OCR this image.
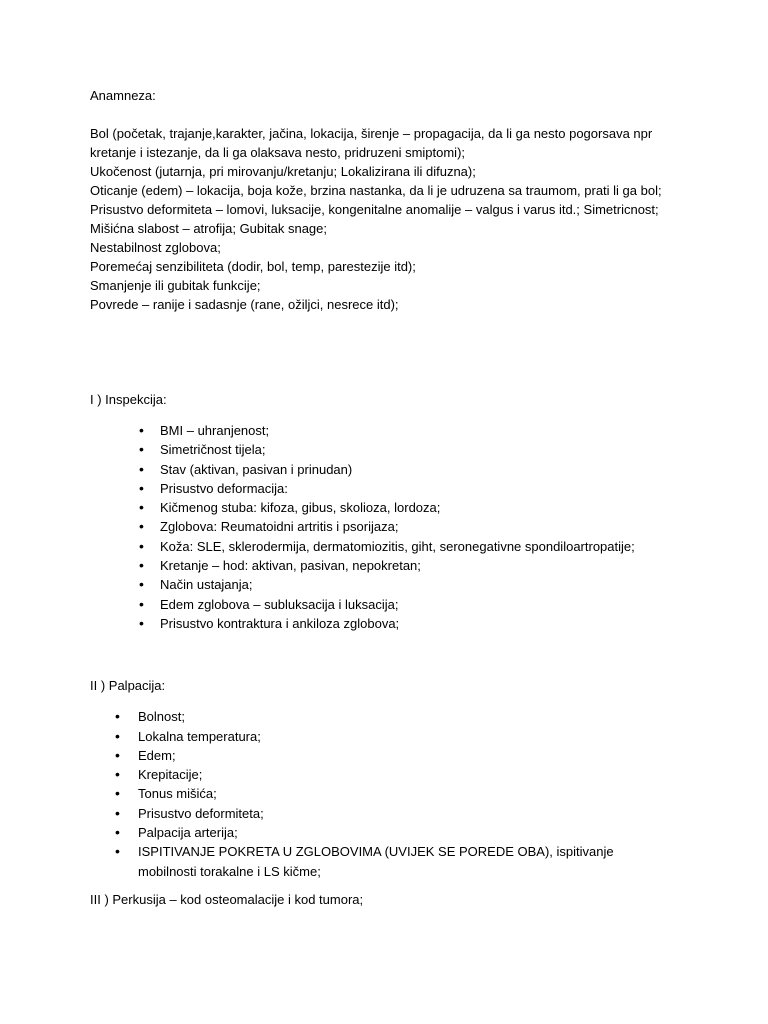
Anamneza:
Bol (početak, trajanje,karakter, jačina, lokacija, širenje – propagacija, da li ga nesto pogorsava npr
kretanje i istezanje, da li ga olaksava nesto, pridruzeni smiptomi);
Ukočenost (jutarnja, pri mirovanju/kretanju; Lokalizirana ili difuzna);
Oticanje (edem) – lokacija, boja kože, brzina nastanka, da li je udruzena sa traumom, prati li ga bol;
Prisustvo deformiteta – lomovi, luksacije, kongenitalne anomalije – valgus i varus itd.; Simetricnost;
Mišićna slabost – atrofija; Gubitak snage;
Nestabilnost zglobova;
Poremećaj senzibiliteta (dodir, bol, temp, parestezije itd);
Smanjenje ili gubitak funkcije;
Povrede – ranije i sadasnje (rane, ožiljci, nesrece itd);
I ) Inspekcija:
• BMI – uhranjenost;
• Simetričnost tijela;
• Stav (aktivan, pasivan i prinudan)
• Prisustvo deformacija:
• Kičmenog stuba: kifoza, gibus, skolioza, lordoza;
• Zglobova: Reumatoidni artritis i psorijaza;
• Koža: SLE, sklerodermija, dermatomiozitis, giht, seronegativne spondiloartropatije;
• Kretanje – hod: aktivan, pasivan, nepokretan;
• Način ustajanja;
• Edem zglobova – subluksacija i luksacija;
• Prisustvo kontraktura i ankiloza zglobova;
II ) Palpacija:
• Bolnost;
• Lokalna temperatura;
• Edem;
• Krepitacije;
• Tonus mišića;
• Prisustvo deformiteta;
• Palpacija arterija;
• ISPITIVANJE POKRETA U ZGLOBOVIMA (UVIJEK SE POREDE OBA), ispitivanje mobilnosti torakalne i LS kičme;
III ) Perkusija – kod osteomalacije i kod tumora;
